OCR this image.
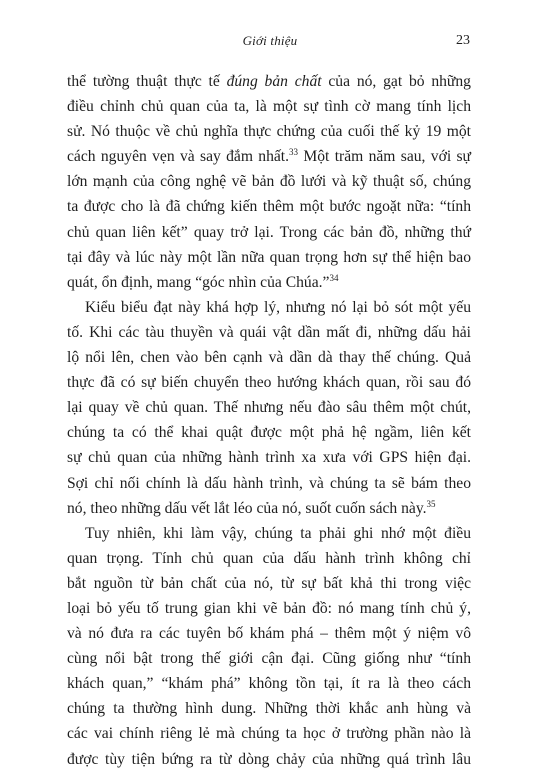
Giới thiệu	23

thể tường thuật thực tế đúng bản chất của nó, gạt bỏ những
điều chỉnh chủ quan của ta, là một sự tình cờ mang tính lịch
sử. Nó thuộc về chủ nghĩa thực chứng của cuối thế kỷ 19 một
cách nguyên vẹn và say đắm nhất.$^{33}$ Một trăm năm sau, với sự
lớn mạnh của công nghệ vẽ bản đồ lưới và kỹ thuật số, chúng
ta được cho là đã chứng kiến thêm một bước ngoặt nữa: “tính
chủ quan liên kết” quay trở lại. Trong các bản đồ, những thứ
tại đây và lúc này một lần nữa quan trọng hơn sự thể hiện bao
quát, ổn định, mang “góc nhìn của Chúa.”$^{34}$

Kiểu biểu đạt này khá hợp lý, nhưng nó lại bỏ sót một yếu
tố. Khi các tàu thuyền và quái vật dần mất đi, những dấu hải
lộ nổi lên, chen vào bên cạnh và dần dà thay thế chúng. Quả
thực đã có sự biến chuyển theo hướng khách quan, rồi sau đó
lại quay về chủ quan. Thế nhưng nếu đào sâu thêm một chút,
chúng ta có thể khai quật được một phả hệ ngầm, liên kết
sự chủ quan của những hành trình xa xưa với GPS hiện đại.
Sợi chỉ nối chính là dấu hành trình, và chúng ta sẽ bám theo
nó, theo những dấu vết lắt léo của nó, suốt cuốn sách này.$^{35}$

Tuy nhiên, khi làm vậy, chúng ta phải ghi nhớ một điều
quan trọng. Tính chủ quan của dấu hành trình không chỉ
bắt nguồn từ bản chất của nó, từ sự bất khả thi trong việc
loại bỏ yếu tố trung gian khi vẽ bản đồ: nó mang tính chủ ý,
và nó đưa ra các tuyên bố khám phá – thêm một ý niệm vô
cùng nổi bật trong thế giới cận đại. Cũng giống như “tính
khách quan,” “khám phá” không tồn tại, ít ra là theo cách
chúng ta thường hình dung. Những thời khắc anh hùng và
các vai chính riêng lẻ mà chúng ta học ở trường phần nào là
được tùy tiện bứng ra từ dòng chảy của những quá trình lâu
